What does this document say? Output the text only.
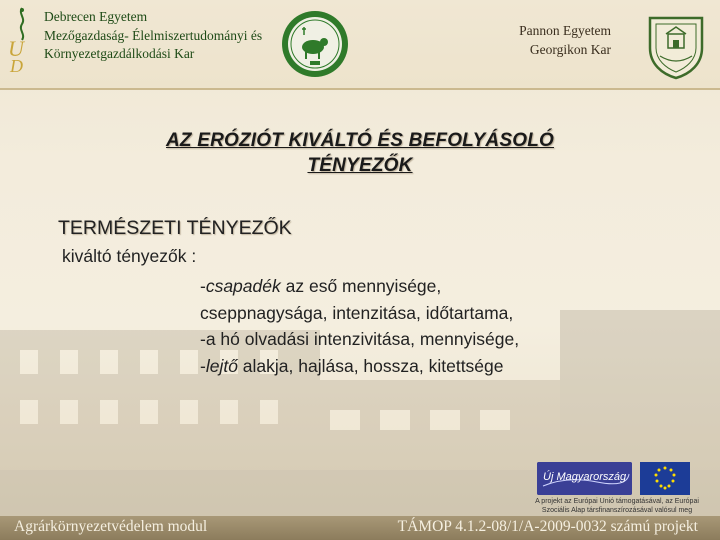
U
D
Debrecen Egyetem
Mezőgazdaság- Élelmiszertudományi és
Környezetgazdálkodási Kar
Pannon Egyetem
Georgikon Kar
AZ ERÓZIÓT KIVÁLTÓ ÉS BEFOLYÁSOLÓ
TÉNYEZŐK
TERMÉSZETI TÉNYEZŐK
kiváltó tényezők :
-csapadék az eső mennyisége,
cseppnagysága, intenzitása, időtartama,
-a hó olvadási intenzivitása, mennyisége,
-lejtő alakja, hajlása, hossza, kitettsége
Új Magyarország
A projekt az Európai Unió támogatásával, az Európai
Szociális Alap társfinanszírozásával valósul meg
Agrárkörnyezetvédelem modul	TÁMOP 4.1.2-08/1/A-2009-0032 számú projekt
